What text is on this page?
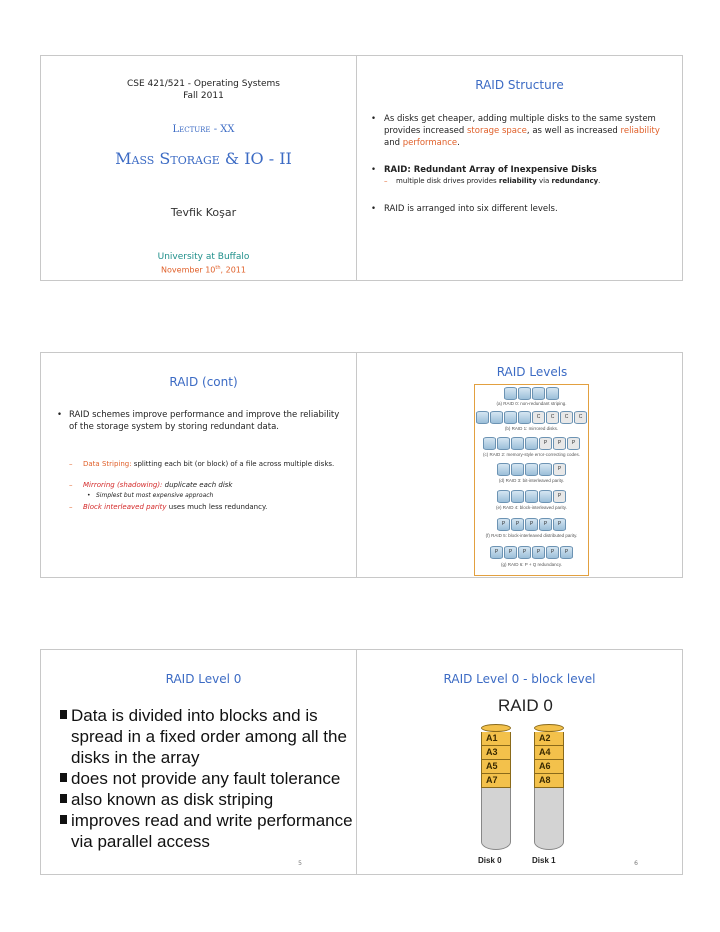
CSE 421/521 - Operating Systems
Fall 2011
Lecture - XX
Mass Storage & IO - II
Tevfik Koşar
University at Buffalo
November 10th, 2011
RAID Structure
• As disks get cheaper, adding multiple disks to the same system provides increased storage space, as well as increased reliability and performance.
• RAID: Redundant Array of Inexpensive Disks
– multiple disk drives provides reliability via redundancy.
• RAID is arranged into six different levels.
RAID (cont)
• RAID schemes improve performance and improve the reliability of the storage system by storing redundant data.
– Data Striping: splitting each bit (or block) of a file across multiple disks.
– Mirroring (shadowing): duplicate each disk
• Simplest but most expensive approach
– Block interleaved parity uses much less redundancy.
RAID Levels
(a) RAID 0: non-redundant striping.
C	C	C	C
(b) RAID 1: mirrored disks.
P	P	P
(c) RAID 2: memory-style error-correcting codes.
P
(d) RAID 3: bit-interleaved parity.
P
(e) RAID 4: block-interleaved parity.
P	P	P	P	P
(f) RAID 5: block-interleaved distributed parity.
P	P	P	P	P	P
(g) RAID 6: P + Q redundancy.
RAID Level 0
Data is divided into blocks and is spread in a fixed order among all the disks in the array
does not provide any fault tolerance
also known as disk striping
improves read and write performance via parallel access
5
RAID Level 0 - block level
RAID 0
A1
A3
A5
A7
Disk 0
A2
A4
A6
A8
Disk 1	6
